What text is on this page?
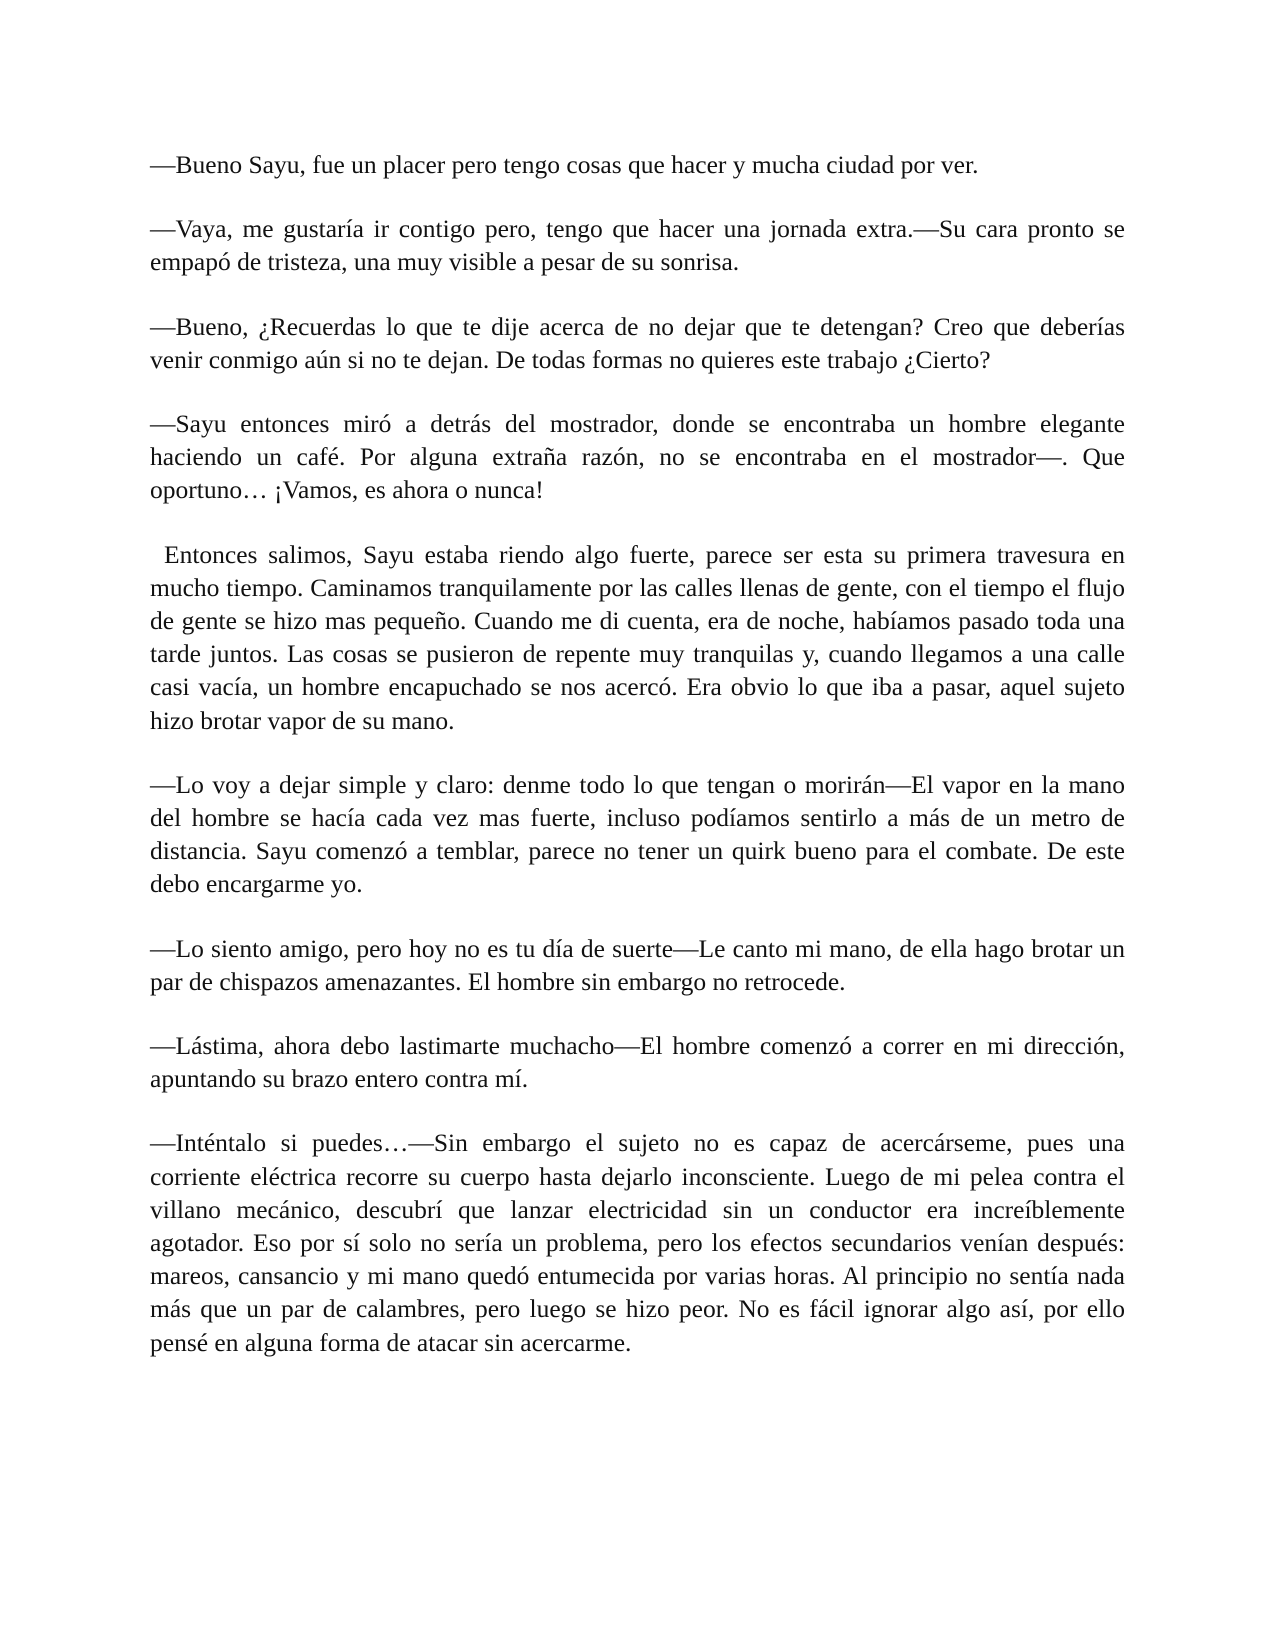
—Bueno Sayu, fue un placer pero tengo cosas que hacer y mucha ciudad por ver.

—Vaya, me gustaría ir contigo pero, tengo que hacer una jornada extra.—Su cara pronto se empapó de tristeza, una muy visible a pesar de su sonrisa.

—Bueno, ¿Recuerdas lo que te dije acerca de no dejar que te detengan? Creo que deberías venir conmigo aún si no te dejan. De todas formas no quieres este trabajo ¿Cierto?

—Sayu entonces miró a detrás del mostrador, donde se encontraba un hombre elegante haciendo un café. Por alguna extraña razón, no se encontraba en el mostrador—. Que oportuno… ¡Vamos, es ahora o nunca!

Entonces salimos, Sayu estaba riendo algo fuerte, parece ser esta su primera travesura en mucho tiempo. Caminamos tranquilamente por las calles llenas de gente, con el tiempo el flujo de gente se hizo mas pequeño. Cuando me di cuenta, era de noche, habíamos pasado toda una tarde juntos. Las cosas se pusieron de repente muy tranquilas y, cuando llegamos a una calle casi vacía, un hombre encapuchado se nos acercó. Era obvio lo que iba a pasar, aquel sujeto hizo brotar vapor de su mano.

—Lo voy a dejar simple y claro: denme todo lo que tengan o morirán—El vapor en la mano del hombre se hacía cada vez mas fuerte, incluso podíamos sentirlo a más de un metro de distancia. Sayu comenzó a temblar, parece no tener un quirk bueno para el combate. De este debo encargarme yo.

—Lo siento amigo, pero hoy no es tu día de suerte—Le canto mi mano, de ella hago brotar un par de chispazos amenazantes. El hombre sin embargo no retrocede.

—Lástima, ahora debo lastimarte muchacho—El hombre comenzó a correr en mi dirección, apuntando su brazo entero contra mí.

—Inténtalo si puedes…—Sin embargo el sujeto no es capaz de acercárseme, pues una corriente eléctrica recorre su cuerpo hasta dejarlo inconsciente. Luego de mi pelea contra el villano mecánico, descubrí que lanzar electricidad sin un conductor era increíblemente agotador. Eso por sí solo no sería un problema, pero los efectos secundarios venían después: mareos, cansancio y mi mano quedó entumecida por varias horas. Al principio no sentía nada más que un par de calambres, pero luego se hizo peor. No es fácil ignorar algo así, por ello pensé en alguna forma de atacar sin acercarme.
